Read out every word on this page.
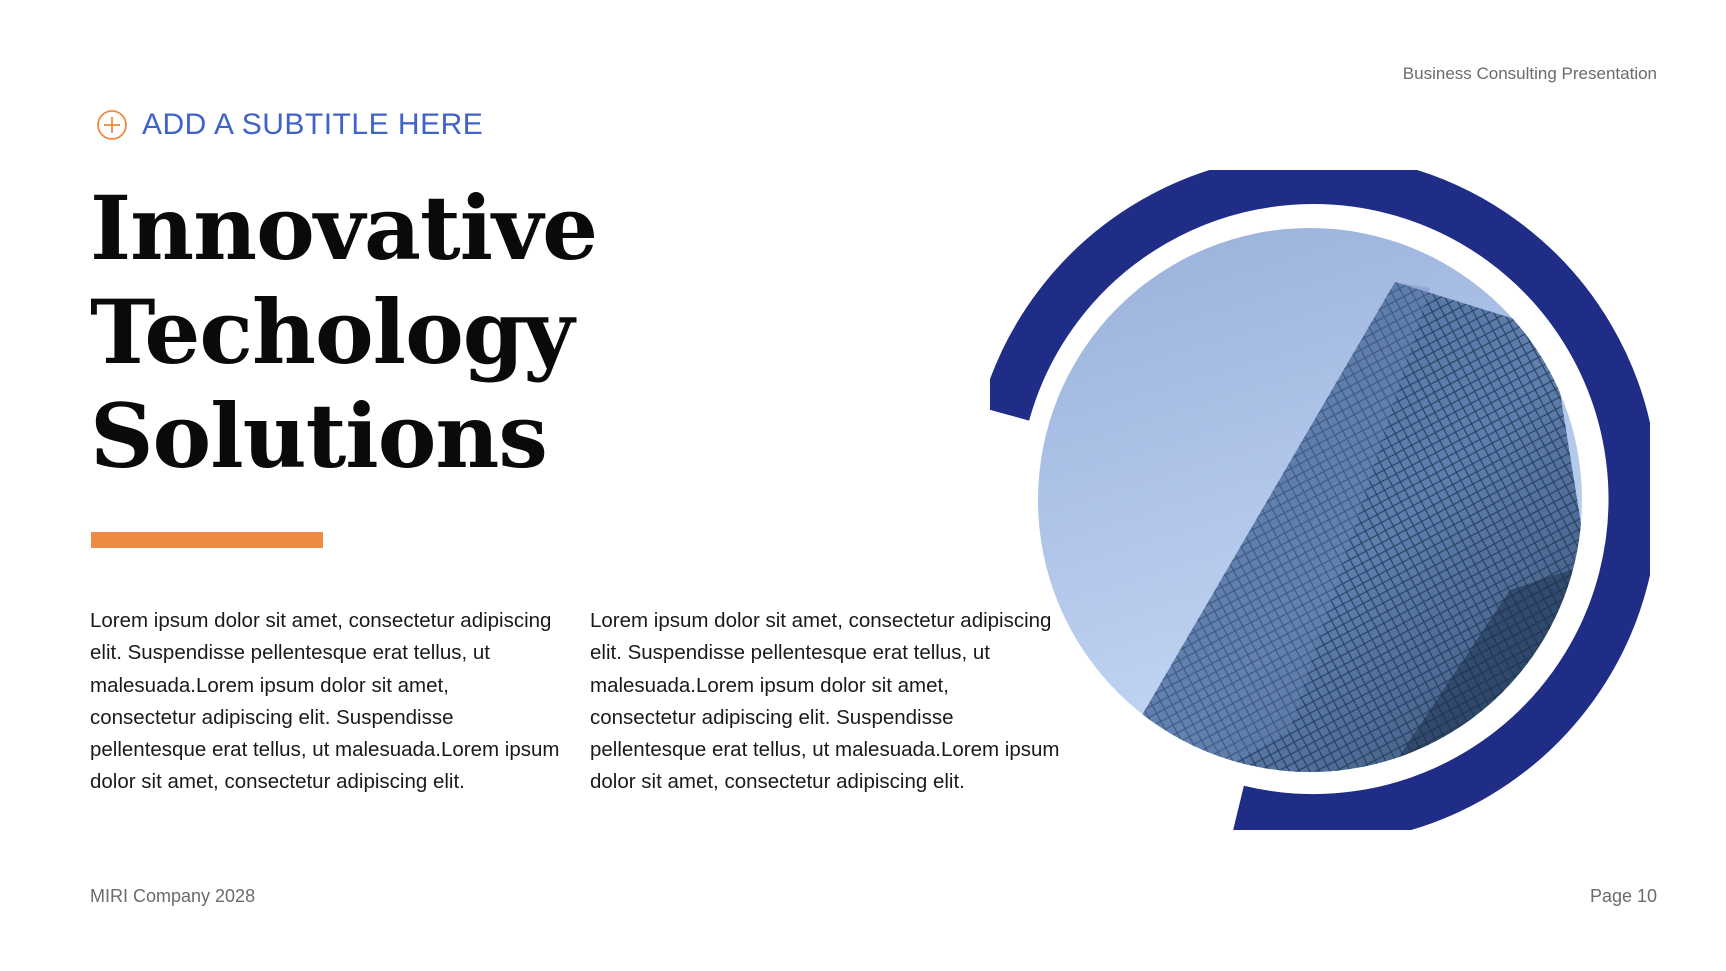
Business Consulting Presentation
ADD A SUBTITLE HERE
Innovative
Techology
Solutions

Lorem ipsum dolor sit amet, consectetur adipiscing elit. Suspendisse pellentesque erat tellus, ut malesuada.Lorem ipsum dolor sit amet, consectetur adipiscing elit. Suspendisse pellentesque erat tellus, ut malesuada.Lorem ipsum dolor sit amet, consectetur adipiscing elit.

Lorem ipsum dolor sit amet, consectetur adipiscing elit. Suspendisse pellentesque erat tellus, ut malesuada.Lorem ipsum dolor sit amet, consectetur adipiscing elit. Suspendisse pellentesque erat tellus, ut malesuada.Lorem ipsum dolor sit amet, consectetur adipiscing elit.

MIRI Company 2028	Page 10
